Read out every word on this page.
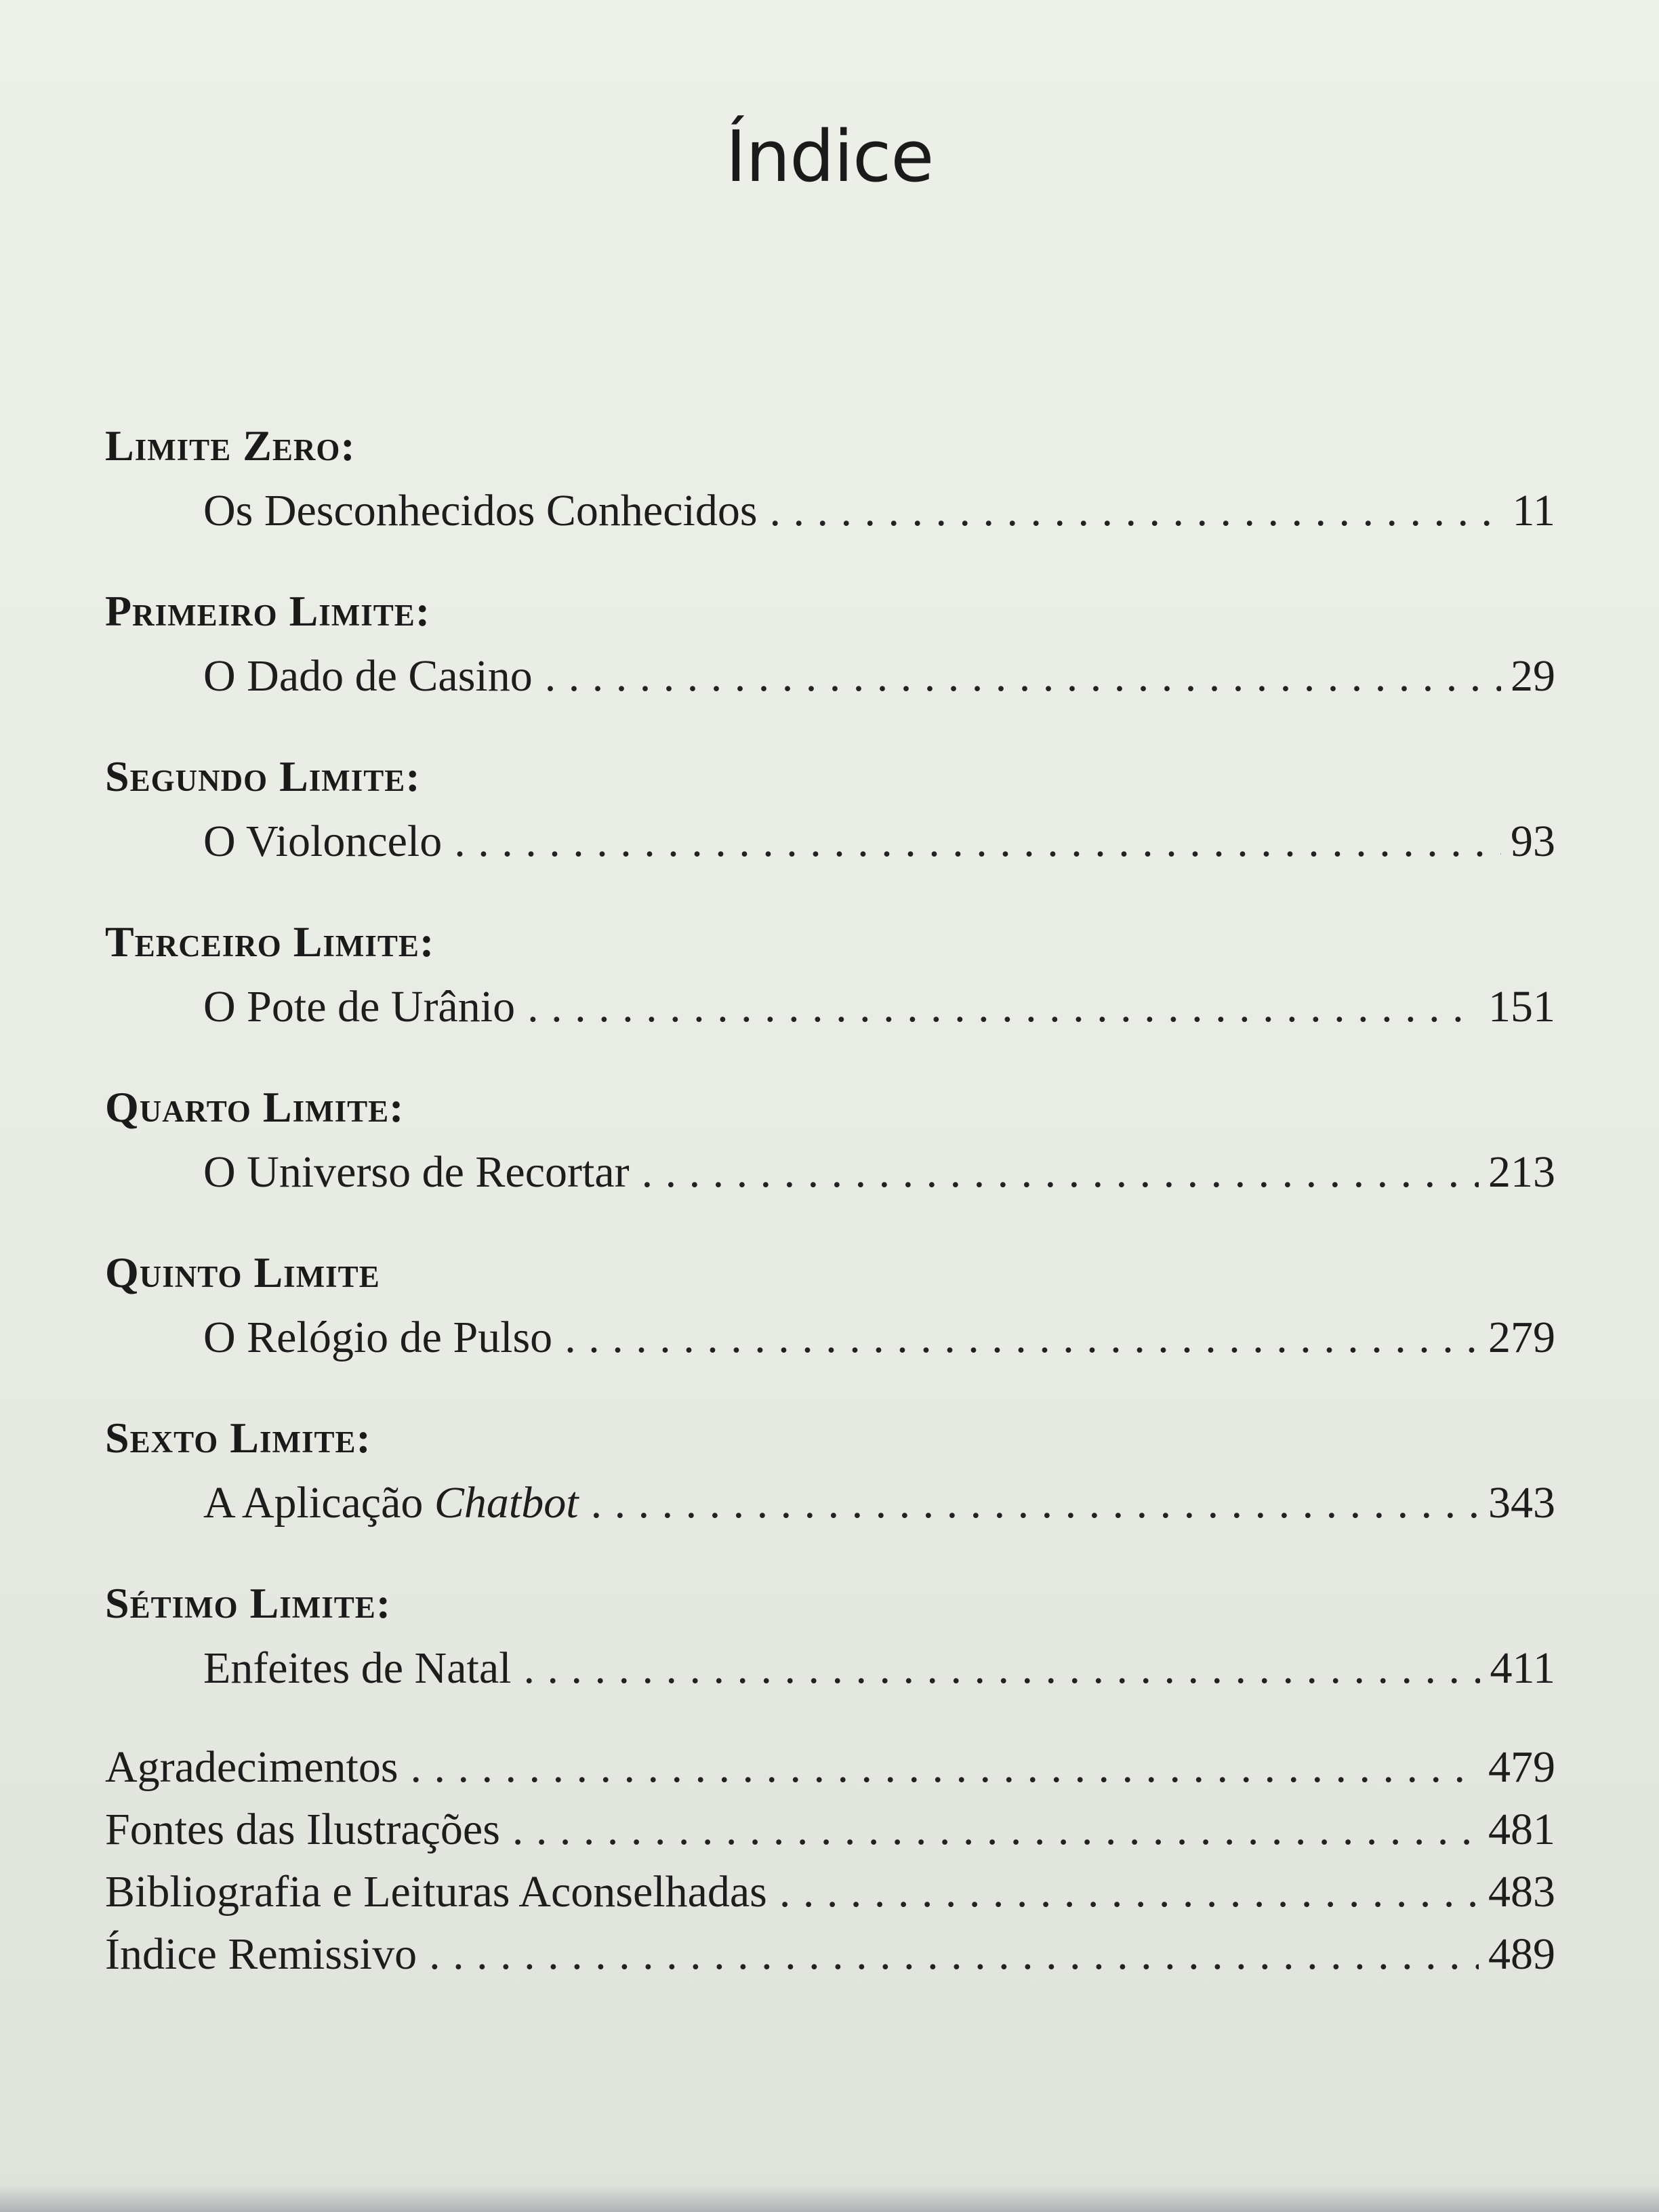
Índice
Limite Zero:
Os Desconhecidos Conhecidos . . .	11
Primeiro Limite:
O Dado de Casino . . .	29
Segundo Limite:
O Violoncelo . . .	93
Terceiro Limite:
O Pote de Urânio . . .	151
Quarto Limite:
O Universo de Recortar . . .	213
Quinto Limite
O Relógio de Pulso . . .	279
Sexto Limite:
A Aplicação Chatbot . . .	343
Sétimo Limite:
Enfeites de Natal . . .	411
Agradecimentos . . .	479
Fontes das Ilustrações . . .	481
Bibliografia e Leituras Aconselhadas . . .	483
Índice Remissivo . . .	489
